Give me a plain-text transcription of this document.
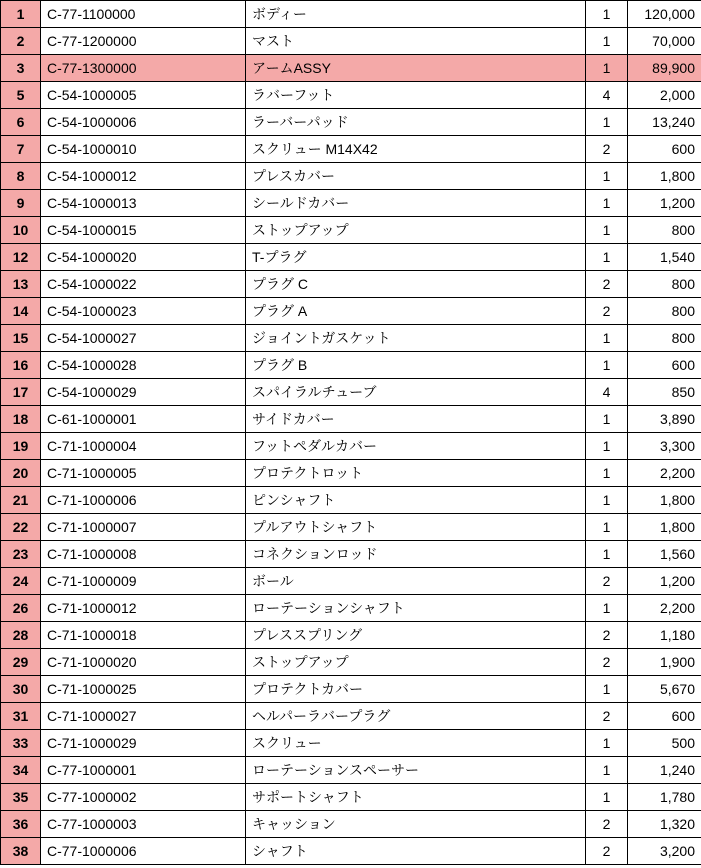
1	C-77-1100000	ボディー	1	120,000
2	C-77-1200000	マスト	1	70,000
3	C-77-1300000	アームASSY	1	89,900
5	C-54-1000005	ラバーフット	4	2,000
6	C-54-1000006	ラーバーパッド	1	13,240
7	C-54-1000010	スクリュー M14X42	2	600
8	C-54-1000012	プレスカバー	1	1,800
9	C-54-1000013	シールドカバー	1	1,200
10	C-54-1000015	ストップアップ	1	800
12	C-54-1000020	T-プラグ	1	1,540
13	C-54-1000022	プラグ C	2	800
14	C-54-1000023	プラグ A	2	800
15	C-54-1000027	ジョイントガスケット	1	800
16	C-54-1000028	プラグ B	1	600
17	C-54-1000029	スパイラルチューブ	4	850
18	C-61-1000001	サイドカバー	1	3,890
19	C-71-1000004	フットペダルカバー	1	3,300
20	C-71-1000005	プロテクトロット	1	2,200
21	C-71-1000006	ピンシャフト	1	1,800
22	C-71-1000007	プルアウトシャフト	1	1,800
23	C-71-1000008	コネクションロッド	1	1,560
24	C-71-1000009	ボール	2	1,200
26	C-71-1000012	ローテーションシャフト	1	2,200
28	C-71-1000018	プレススプリング	2	1,180
29	C-71-1000020	ストップアップ	2	1,900
30	C-71-1000025	プロテクトカバー	1	5,670
31	C-71-1000027	ヘルパーラバープラグ	2	600
33	C-71-1000029	スクリュー	1	500
34	C-77-1000001	ローテーションスペーサー	1	1,240
35	C-77-1000002	サポートシャフト	1	1,780
36	C-77-1000003	キャッション	2	1,320
38	C-77-1000006	シャフト	2	3,200
